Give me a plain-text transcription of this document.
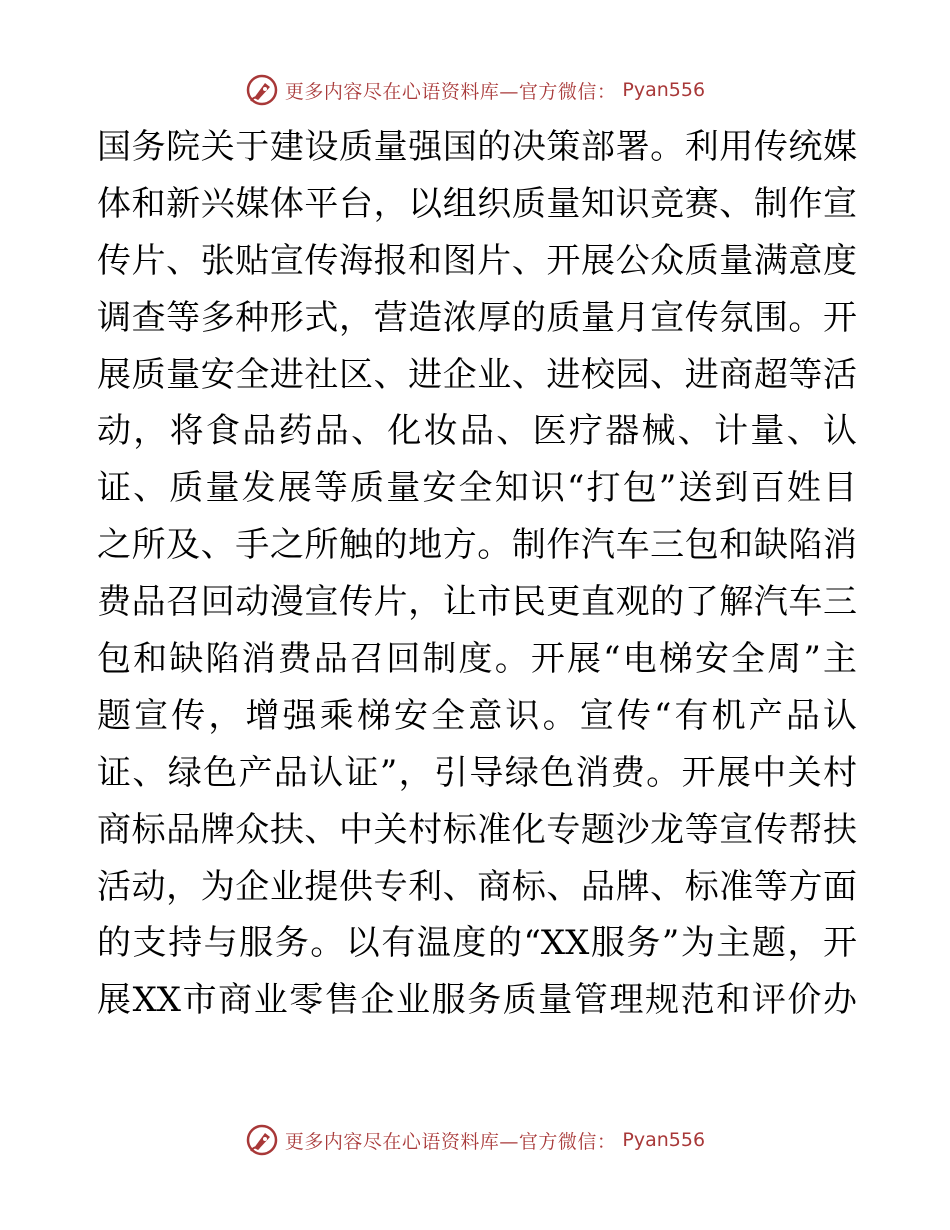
更多内容尽在心语资料库—官方微信： Pyan556
国务院关于建设质量强国的决策部署。利用传统媒
体和新兴媒体平台，以组织质量知识竞赛、制作宣
传片、张贴宣传海报和图片、开展公众质量满意度
调查等多种形式，营造浓厚的质量月宣传氛围。开
展质量安全进社区、进企业、进校园、进商超等活
动，将食品药品、化妆品、医疗器械、计量、认
证、质量发展等质量安全知识“打包”送到百姓目
之所及、手之所触的地方。制作汽车三包和缺陷消
费品召回动漫宣传片，让市民更直观的了解汽车三
包和缺陷消费品召回制度。开展“电梯安全周”主
题宣传，增强乘梯安全意识。宣传“有机产品认
证、绿色产品认证”，引导绿色消费。开展中关村
商标品牌众扶、中关村标准化专题沙龙等宣传帮扶
活动，为企业提供专利、商标、品牌、标准等方面
的支持与服务。以有温度的“XX服务”为主题，开
展XX市商业零售企业服务质量管理规范和评价办
更多内容尽在心语资料库—官方微信： Pyan556
